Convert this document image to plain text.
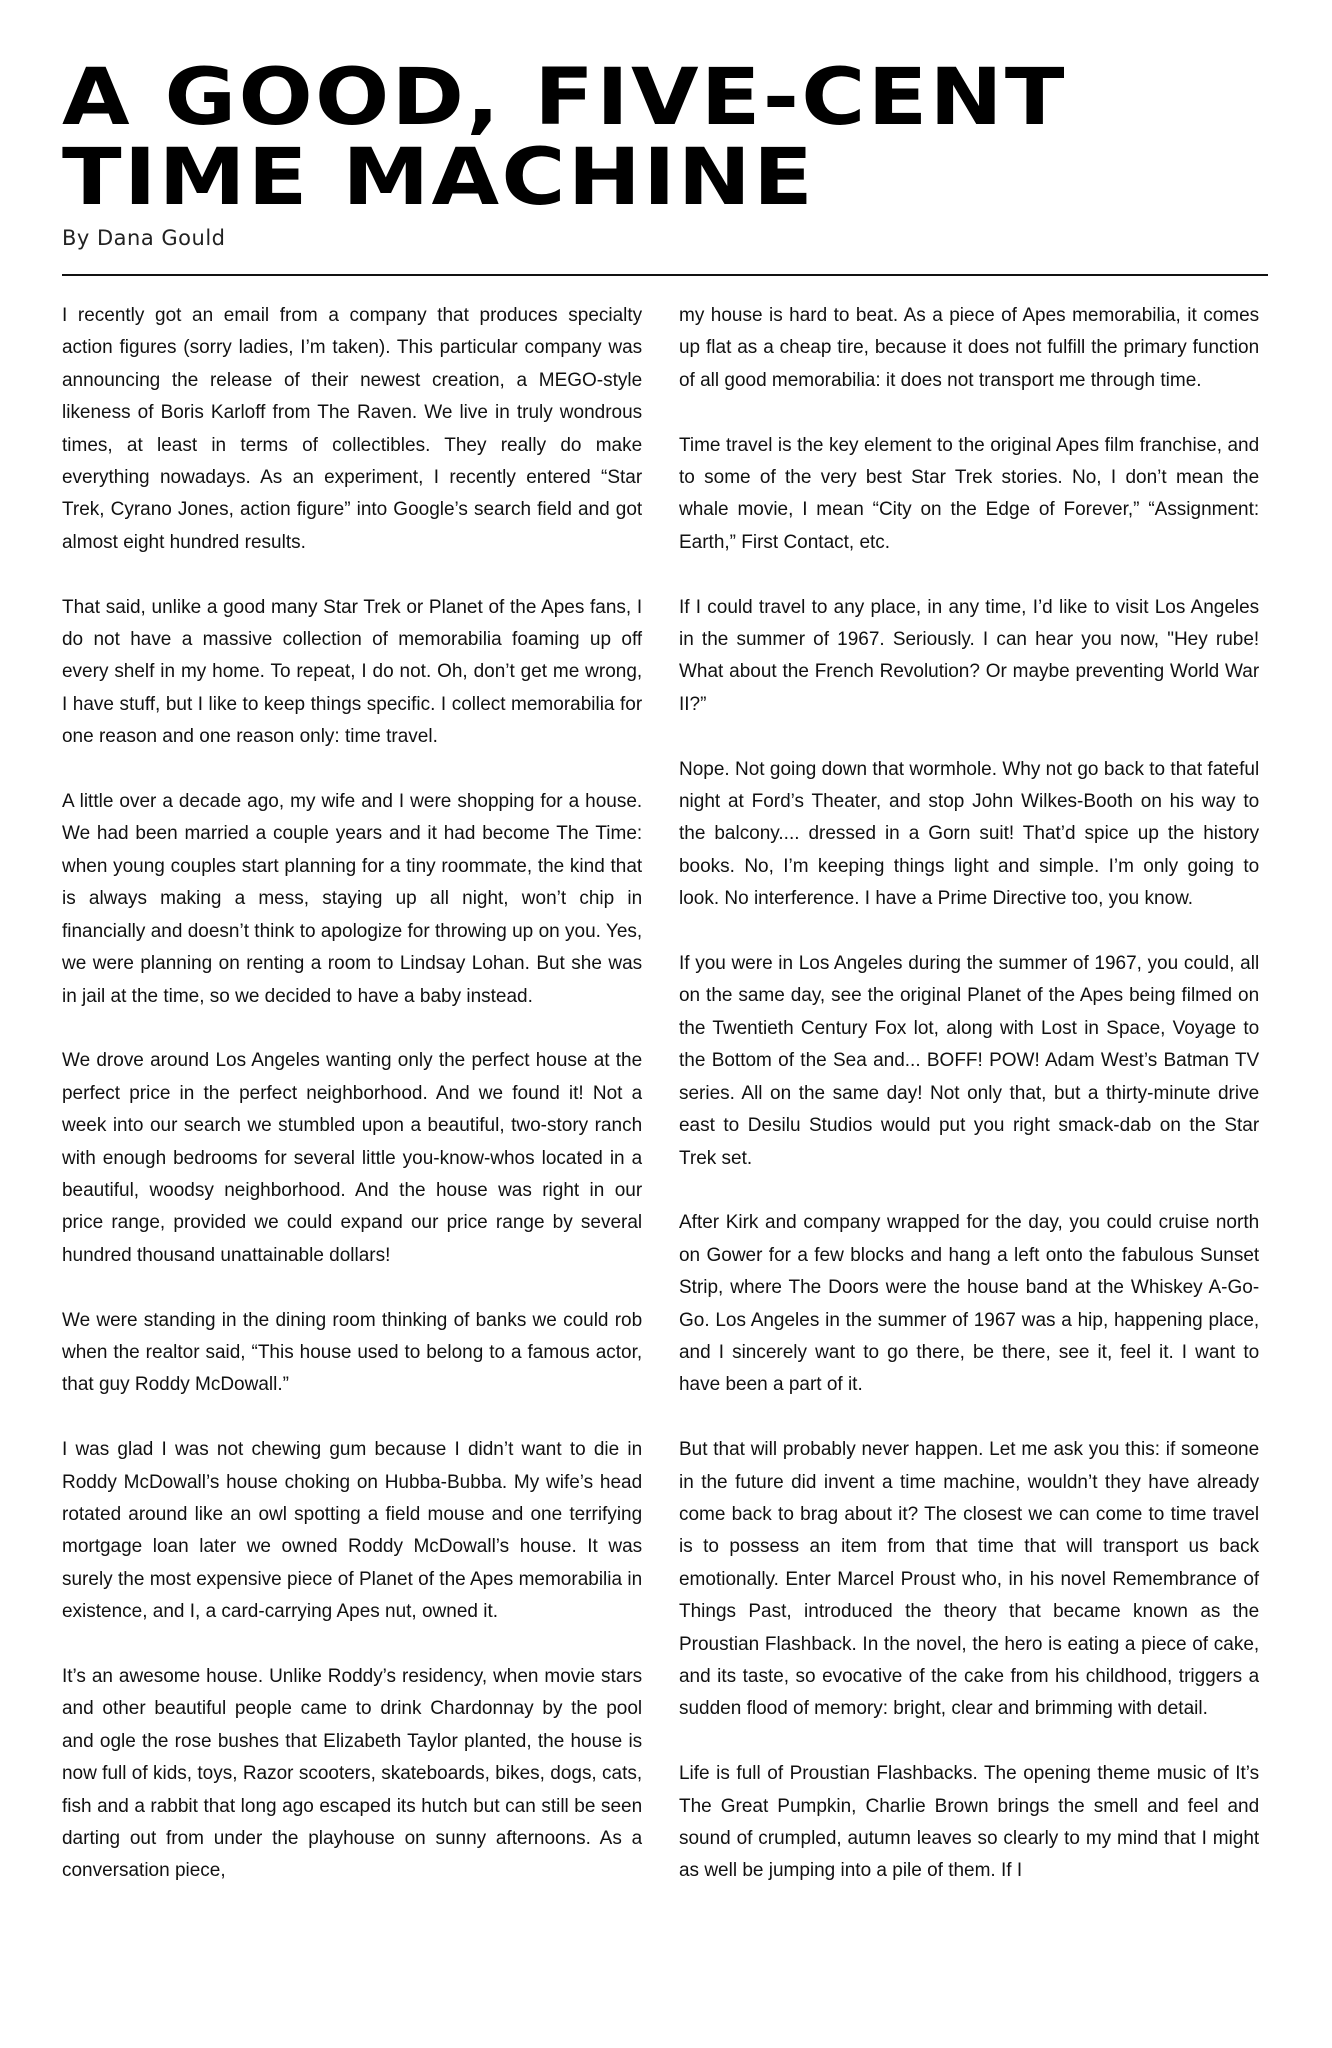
A GOOD, FIVE-CENT
TIME MACHINE
By Dana Gould

I recently got an email from a company that produces specialty action figures (sorry ladies, I’m taken). This particular company was announcing the release of their newest creation, a MEGO-style likeness of Boris Karloff from The Raven. We live in truly wondrous times, at least in terms of collectibles. They really do make everything nowadays. As an experiment, I recently entered “Star Trek, Cyrano Jones, action figure” into Google’s search field and got almost eight hundred results.

That said, unlike a good many Star Trek or Planet of the Apes fans, I do not have a massive collection of memorabilia foaming up off every shelf in my home. To repeat, I do not. Oh, don’t get me wrong, I have stuff, but I like to keep things specific. I collect memorabilia for one reason and one reason only: time travel.

A little over a decade ago, my wife and I were shopping for a house. We had been married a couple years and it had become The Time: when young couples start planning for a tiny roommate, the kind that is always making a mess, staying up all night, won’t chip in financially and doesn’t think to apologize for throwing up on you. Yes, we were planning on renting a room to Lindsay Lohan. But she was in jail at the time, so we decided to have a baby instead.

We drove around Los Angeles wanting only the perfect house at the perfect price in the perfect neighborhood. And we found it! Not a week into our search we stumbled upon a beautiful, two-story ranch with enough bedrooms for several little you-know-whos located in a beautiful, woodsy neighborhood. And the house was right in our price range, provided we could expand our price range by several hundred thousand unattainable dollars!

We were standing in the dining room thinking of banks we could rob when the realtor said, “This house used to belong to a famous actor, that guy Roddy McDowall.”

I was glad I was not chewing gum because I didn’t want to die in Roddy McDowall’s house choking on Hubba-Bubba. My wife’s head rotated around like an owl spotting a field mouse and one terrifying mortgage loan later we owned Roddy McDowall’s house. It was surely the most expensive piece of Planet of the Apes memorabilia in existence, and I, a card-carrying Apes nut, owned it.

It’s an awesome house. Unlike Roddy’s residency, when movie stars and other beautiful people came to drink Chardonnay by the pool and ogle the rose bushes that Elizabeth Taylor planted, the house is now full of kids, toys, Razor scooters, skateboards, bikes, dogs, cats, fish and a rabbit that long ago escaped its hutch but can still be seen darting out from under the playhouse on sunny afternoons. As a conversation piece,

my house is hard to beat. As a piece of Apes memorabilia, it comes up flat as a cheap tire, because it does not fulfill the primary function of all good memorabilia: it does not transport me through time.

Time travel is the key element to the original Apes film franchise, and to some of the very best Star Trek stories. No, I don’t mean the whale movie, I mean “City on the Edge of Forever,” “Assignment: Earth,” First Contact, etc.

If I could travel to any place, in any time, I’d like to visit Los Angeles in the summer of 1967. Seriously. I can hear you now, "Hey rube! What about the French Revolution? Or maybe preventing World War II?”

Nope. Not going down that wormhole. Why not go back to that fateful night at Ford’s Theater, and stop John Wilkes-Booth on his way to the balcony.... dressed in a Gorn suit! That’d spice up the history books. No, I’m keeping things light and simple. I’m only going to look. No interference. I have a Prime Directive too, you know.

If you were in Los Angeles during the summer of 1967, you could, all on the same day, see the original Planet of the Apes being filmed on the Twentieth Century Fox lot, along with Lost in Space, Voyage to the Bottom of the Sea and... BOFF! POW! Adam West’s Batman TV series. All on the same day! Not only that, but a thirty-minute drive east to Desilu Studios would put you right smack-dab on the Star Trek set.

After Kirk and company wrapped for the day, you could cruise north on Gower for a few blocks and hang a left onto the fabulous Sunset Strip, where The Doors were the house band at the Whiskey A-Go-Go. Los Angeles in the summer of 1967 was a hip, happening place, and I sincerely want to go there, be there, see it, feel it. I want to have been a part of it.

But that will probably never happen. Let me ask you this: if someone in the future did invent a time machine, wouldn’t they have already come back to brag about it? The closest we can come to time travel is to possess an item from that time that will transport us back emotionally. Enter Marcel Proust who, in his novel Remembrance of Things Past, introduced the theory that became known as the Proustian Flashback. In the novel, the hero is eating a piece of cake, and its taste, so evocative of the cake from his childhood, triggers a sudden flood of memory: bright, clear and brimming with detail.

Life is full of Proustian Flashbacks. The opening theme music of It’s The Great Pumpkin, Charlie Brown brings the smell and feel and sound of crumpled, autumn leaves so clearly to my mind that I might as well be jumping into a pile of them. If I
